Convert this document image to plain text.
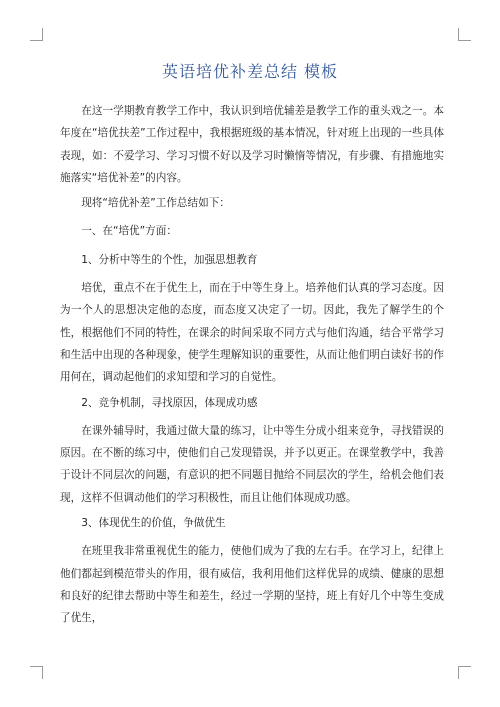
英语培优补差总结 模板

在这一学期教育教学工作中，我认识到培优辅差是教学工作的重头戏之一。本年度在“培优扶差”工作过程中，我根据班级的基本情况，针对班上出现的一些具体表现，如：不爱学习、学习习惯不好以及学习时懒惰等情况，有步骤、有措施地实施落实“培优补差”的内容。

现将“培优补差”工作总结如下：

一、在“培优”方面：

1、分析中等生的个性，加强思想教育

培优，重点不在于优生上，而在于中等生身上。培养他们认真的学习态度。因为一个人的思想决定他的态度，而态度又决定了一切。因此，我先了解学生的个性，根据他们不同的特性，在课余的时间采取不同方式与他们沟通，结合平常学习和生活中出现的各种现象，使学生理解知识的重要性，从而让他们明白读好书的作用何在，调动起他们的求知望和学习的自觉性。

2、竞争机制，寻找原因，体现成功感

在课外辅导时，我通过做大量的练习，让中等生分成小组来竞争，寻找错误的原因。在不断的练习中，使他们自己发现错误，并予以更正。在课堂教学中，我善于设计不同层次的问题，有意识的把不同题目抛给不同层次的学生，给机会他们表现，这样不但调动他们的学习积极性，而且让他们体现成功感。

3、体现优生的价值，争做优生

在班里我非常重视优生的能力，使他们成为了我的左右手。在学习上，纪律上他们都起到模范带头的作用，很有威信，我利用他们这样优异的成绩、健康的思想和良好的纪律去帮助中等生和差生，经过一学期的坚持，班上有好几个中等生变成了优生，
